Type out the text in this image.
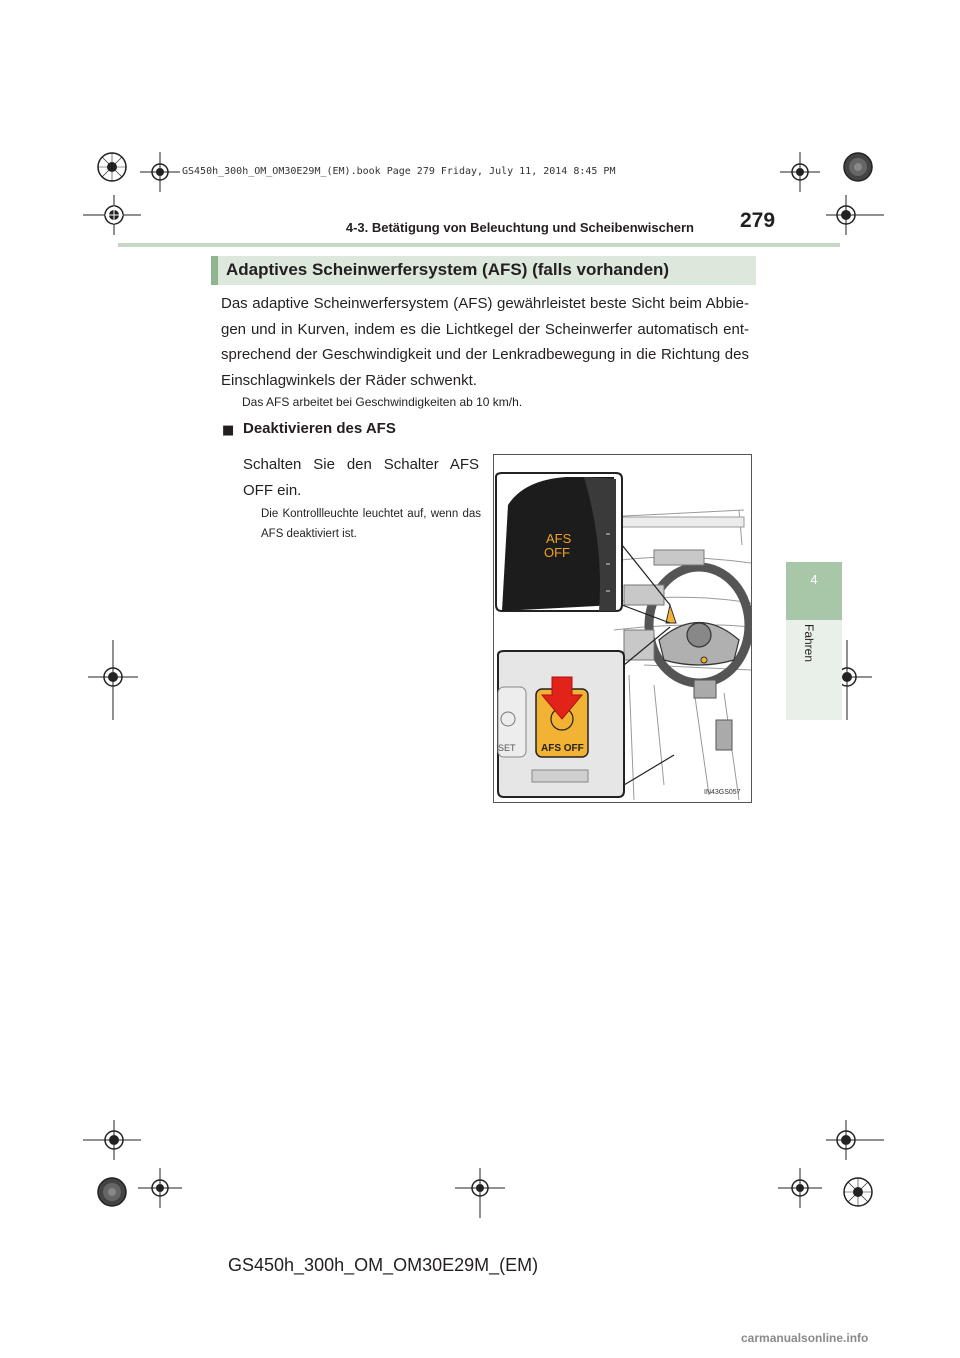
GS450h_300h_OM_OM30E29M_(EM).book Page 279 Friday, July 11, 2014 8:45 PM
4-3. Betätigung von Beleuchtung und Scheibenwischern 279
4
Fahren
Adaptives Scheinwerfersystem (AFS) (falls vorhanden)
Das adaptive Scheinwerfersystem (AFS) gewährleistet beste Sicht beim Abbie-gen und in Kurven, indem es die Lichtkegel der Scheinwerfer automatisch ent-sprechend der Geschwindigkeit und der Lenkradbewegung in die Richtung des Einschlagwinkels der Räder schwenkt.
Das AFS arbeitet bei Geschwindigkeiten ab 10 km/h.
■ Deaktivieren des AFS
Schalten Sie den Schalter AFS OFF ein.
Die Kontrollleuchte leuchtet auf, wenn das AFS deaktiviert ist.	AFS
OFF
SET	AFS OFF
IN43GS057
GS450h_300h_OM_OM30E29M_(EM)
carmanualsonline.info
